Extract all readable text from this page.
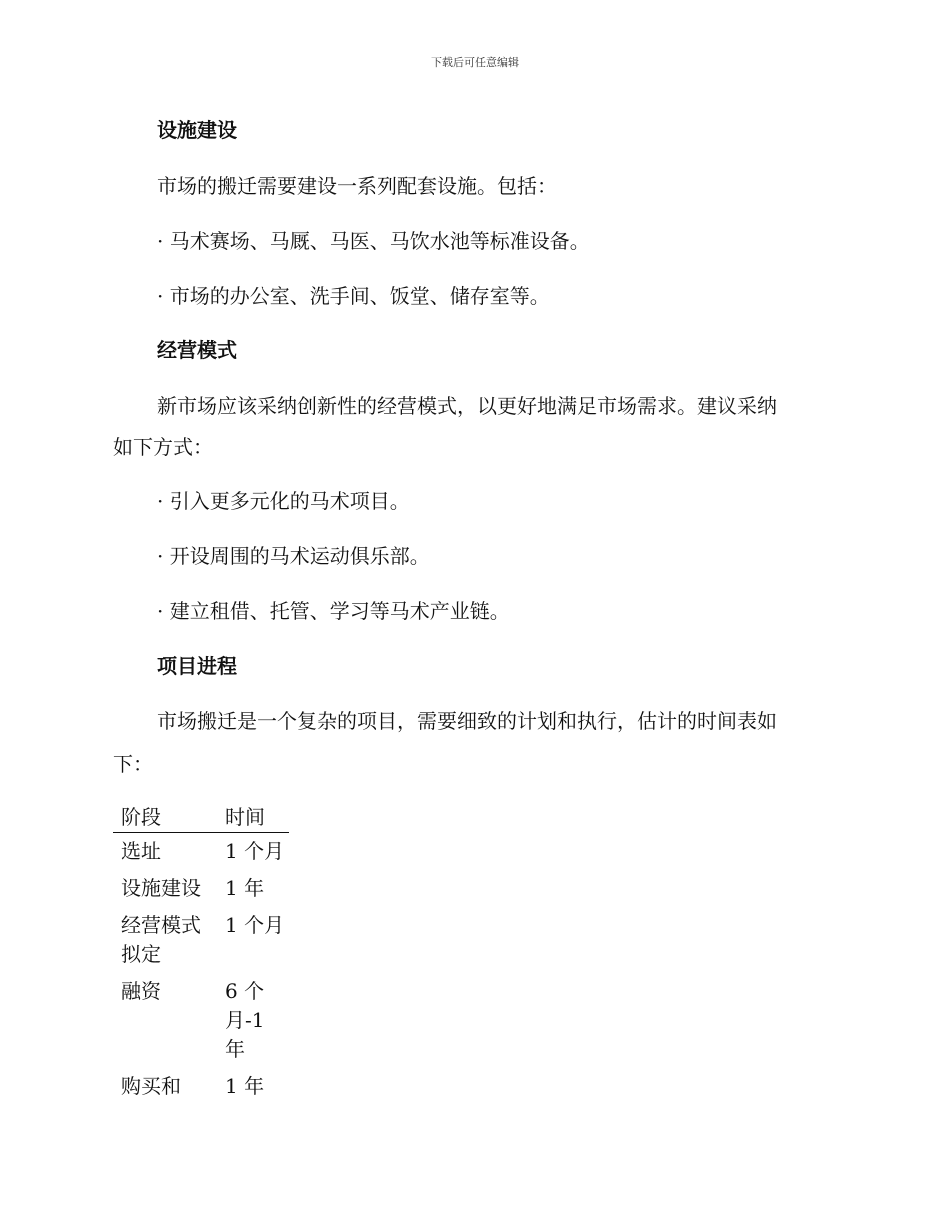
下载后可任意编辑
设施建设

市场的搬迁需要建设一系列配套设施。包括：

· 马术赛场、马厩、马医、马饮水池等标准设备。

· 市场的办公室、洗手间、饭堂、储存室等。

经营模式

新市场应该采纳创新性的经营模式，以更好地满足市场需求。建议采纳

如下方式：

· 引入更多元化的马术项目。

· 开设周围的马术运动俱乐部。

· 建立租借、托管、学习等马术产业链。

项目进程

市场搬迁是一个复杂的项目，需要细致的计划和执行，估计的时间表如

下：

阶段	时间
选址	1 个月
设施建设	1 年
经营模式拟定	1 个月
融资	6 个月-1 年
购买和	1 年
